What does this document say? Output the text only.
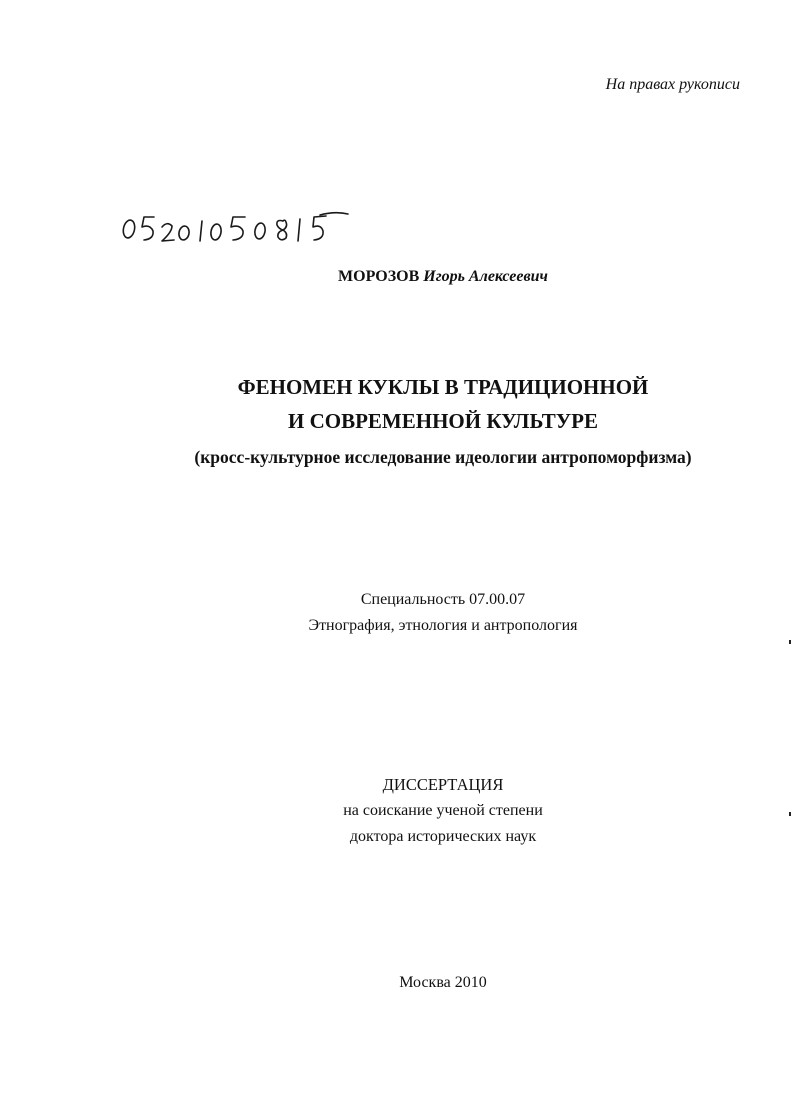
На правах рукописи
МОРОЗОВ Игорь Алексеевич
ФЕНОМЕН КУКЛЫ В ТРАДИЦИОННОЙ
И СОВРЕМЕННОЙ КУЛЬТУРЕ
(кросс-культурное исследование идеологии антропоморфизма)
Специальность 07.00.07
Этнография, этнология и антропология
ДИССЕРТАЦИЯ
на соискание ученой степени
доктора исторических наук
Москва 2010
